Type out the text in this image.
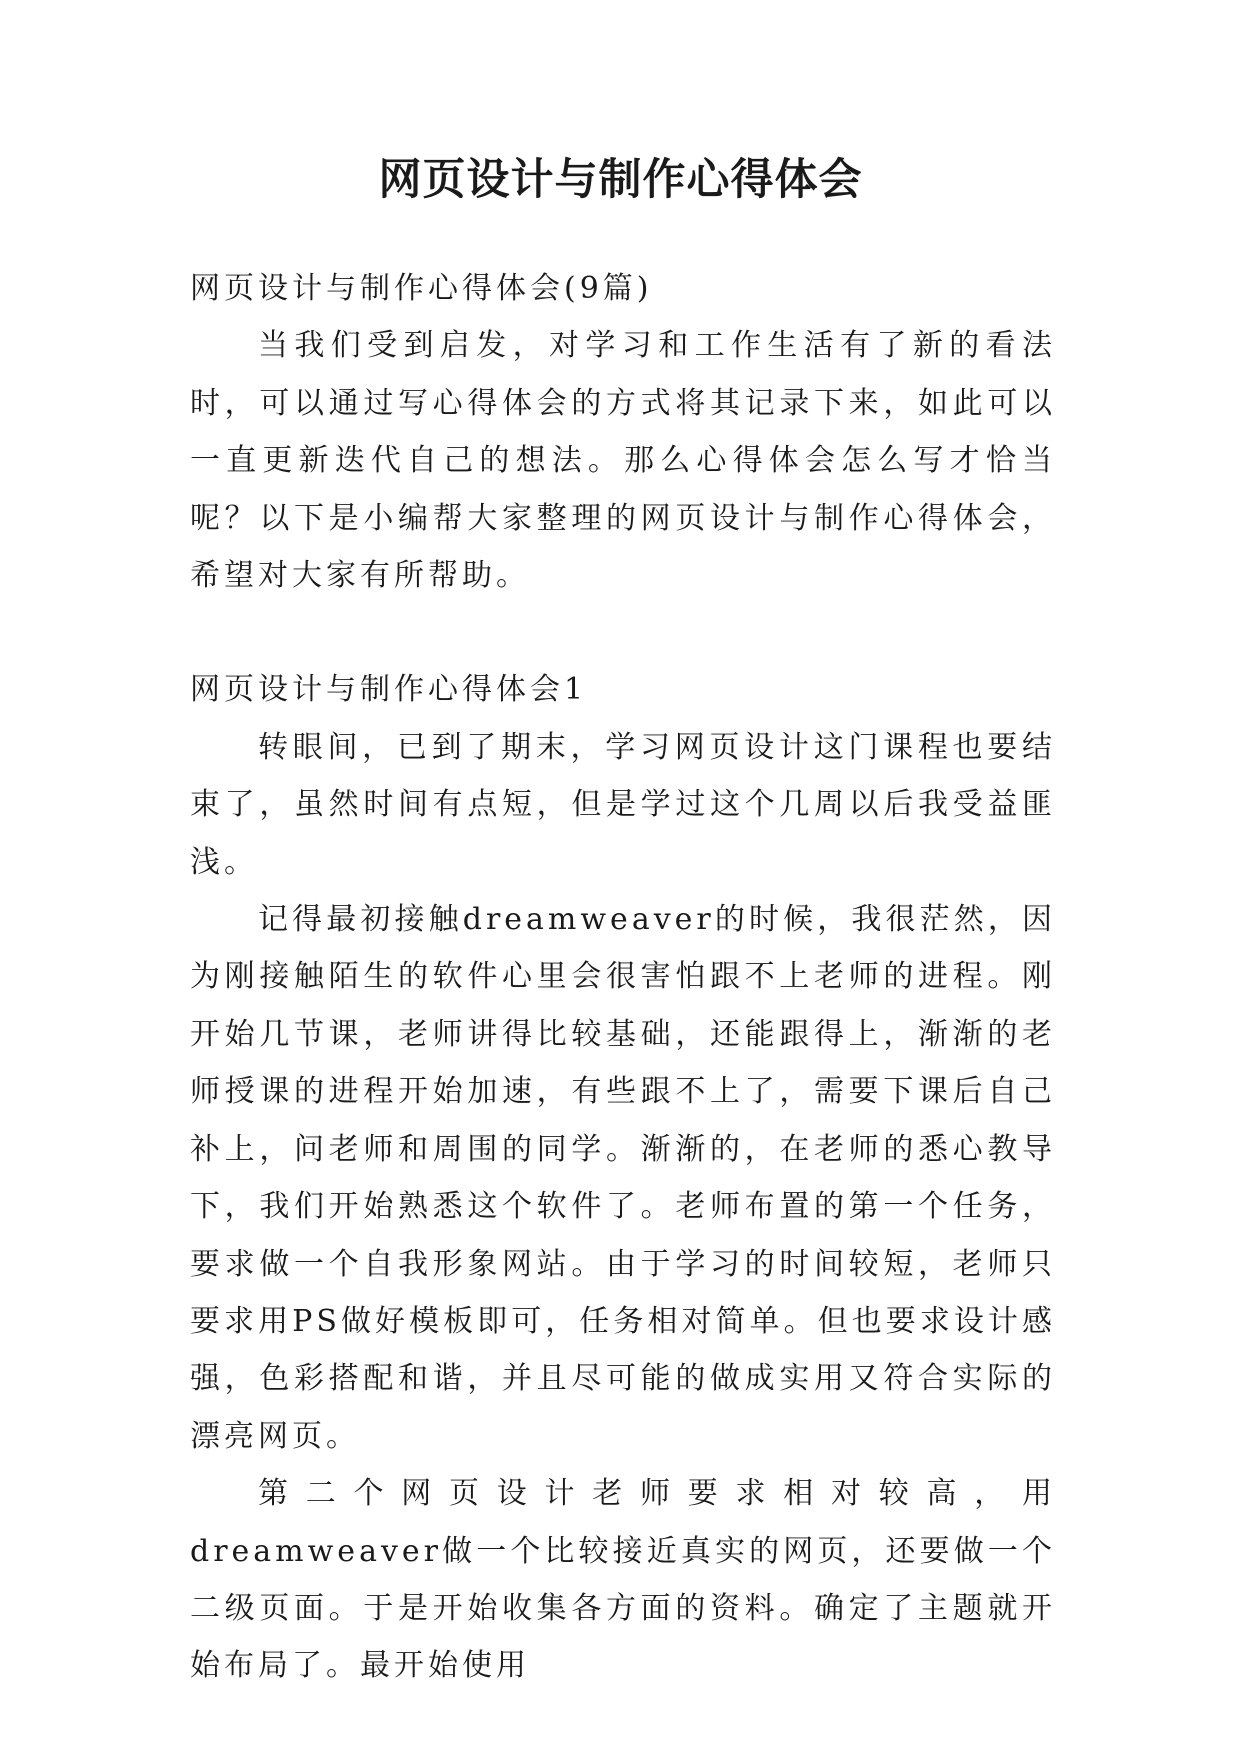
网页设计与制作心得体会

网页设计与制作心得体会(9篇)

当我们受到启发，对学习和工作生活有了新的看法时，可以通过写心得体会的方式将其记录下来，如此可以一直更新迭代自己的想法。那么心得体会怎么写才恰当呢？以下是小编帮大家整理的网页设计与制作心得体会，希望对大家有所帮助。

网页设计与制作心得体会1

转眼间，已到了期末，学习网页设计这门课程也要结束了，虽然时间有点短，但是学过这个几周以后我受益匪浅。

记得最初接触dreamweaver的时候，我很茫然，因为刚接触陌生的软件心里会很害怕跟不上老师的进程。刚开始几节课，老师讲得比较基础，还能跟得上，渐渐的老师授课的进程开始加速，有些跟不上了，需要下课后自己补上，问老师和周围的同学。渐渐的，在老师的悉心教导下，我们开始熟悉这个软件了。老师布置的第一个任务，要求做一个自我形象网站。由于学习的时间较短，老师只要求用PS做好模板即可，任务相对简单。但也要求设计感强，色彩搭配和谐，并且尽可能的做成实用又符合实际的漂亮网页。

第二个网页设计老师要求相对较高，用dreamweaver做一个比较接近真实的网页，还要做一个二级页面。于是开始收集各方面的资料。确定了主题就开始布局了。最开始使用
